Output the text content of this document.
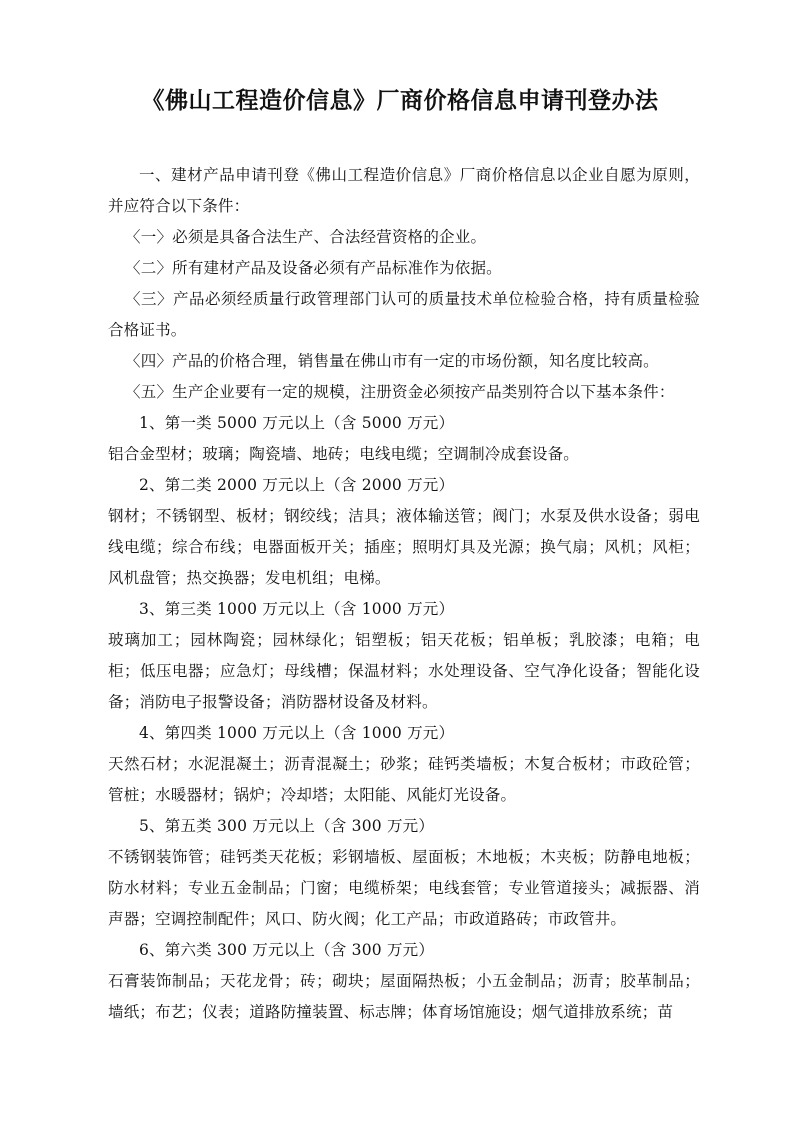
《佛山工程造价信息》厂商价格信息申请刊登办法

一、建材产品申请刊登《佛山工程造价信息》厂商价格信息以企业自愿为原则，并应符合以下条件：

〈一〉必须是具备合法生产、合法经营资格的企业。

〈二〉所有建材产品及设备必须有产品标准作为依据。

〈三〉产品必须经质量行政管理部门认可的质量技术单位检验合格，持有质量检验合格证书。

〈四〉产品的价格合理，销售量在佛山市有一定的市场份额，知名度比较高。

〈五〉生产企业要有一定的规模，注册资金必须按产品类别符合以下基本条件：

1、第一类 5000 万元以上（含 5000 万元）

铝合金型材；玻璃；陶瓷墙、地砖；电线电缆；空调制冷成套设备。

2、第二类 2000 万元以上（含 2000 万元）

钢材；不锈钢型、板材；钢绞线；洁具；液体输送管；阀门；水泵及供水设备；弱电线电缆；综合布线；电器面板开关；插座；照明灯具及光源；换气扇；风机；风柜；风机盘管；热交换器；发电机组；电梯。

3、第三类 1000 万元以上（含 1000 万元）

玻璃加工；园林陶瓷；园林绿化；铝塑板；铝天花板；铝单板；乳胶漆；电箱；电柜；低压电器；应急灯；母线槽；保温材料；水处理设备、空气净化设备；智能化设备；消防电子报警设备；消防器材设备及材料。

4、第四类 1000 万元以上（含 1000 万元）

天然石材；水泥混凝土；沥青混凝土；砂浆；硅钙类墙板；木复合板材；市政砼管；管桩；水暖器材；锅炉；冷却塔；太阳能、风能灯光设备。

5、第五类 300 万元以上（含 300 万元）

不锈钢装饰管；硅钙类天花板；彩钢墙板、屋面板；木地板；木夹板；防静电地板；防水材料；专业五金制品；门窗；电缆桥架；电线套管；专业管道接头；减振器、消声器；空调控制配件；风口、防火阀；化工产品；市政道路砖；市政管井。

6、第六类 300 万元以上（含 300 万元）

石膏装饰制品；天花龙骨；砖；砌块；屋面隔热板；小五金制品；沥青；胶革制品；墙纸；布艺；仪表；道路防撞装置、标志牌；体育场馆施设；烟气道排放系统；苗
